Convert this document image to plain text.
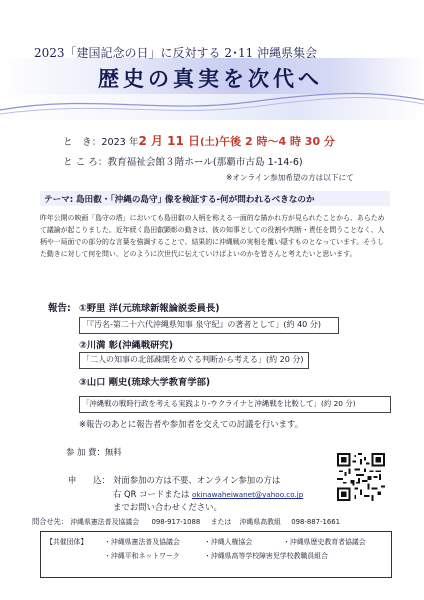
2023「建国記念の日」に反対する 2･11 沖縄県集会
歴史の真実を次代へ
と　き：2023 年2 月 11 日(土)午後 2 時〜4 時 30 分
と こ ろ：教育福祉会館３階ホール(那覇市古島 1-14-6)
※オンライン参加希望の方は以下にて
テーマ: 島田叡・｢沖縄の島守｣ 像を検証する-何が問われるべきなのか
昨年公開の映画「島守の塔」においても島田叡の人柄を称える一面的な描かれ方が見られたことから、あらためて議論が起こりました。近年続く島田叡顕彰の動きは、彼の知事としての役割や判断・責任を問うことなく、人柄や一局面での部分的な言葉を強調することで、結果的に沖縄戦の実相を覆い隠すものとなっています。そうした動きに対して何を問い、どのように次世代に伝えていけばよいのかを皆さんと考えたいと思います。
報告: ①野里 洋(元琉球新報論説委員長)
「『汚名-第二十六代沖縄県知事 泉守紀』の著者として」(約 40 分)
②川満 彰(沖縄戦研究)
「二人の知事の北部疎開をめぐる判断から考える」(約 20 分)
③山口 剛史(琉球大学教育学部)
「沖縄戦の戦時行政を考える実践より-ウクライナと沖縄戦を比較して」(約 20 分)
※報告のあとに報告者や参加者を交えての討議を行います。
参 加 費：無料
申　　込： 対面参加の方は不要、オンライン参加の方は
右 QR コードまたは okinawaheiwanet@yahoo.co.jp
までお問い合わせください。
問合せ先： 沖縄県憲法普及協議会 098-917-1088 または 沖縄県高教組 098-887-1661
【共催団体】 ・沖縄県憲法普及協議会	・沖縄人権協会	・沖縄県歴史教育者協議会
・沖縄平和ネットワーク	・沖縄県高等学校障害児学校教職員組合
